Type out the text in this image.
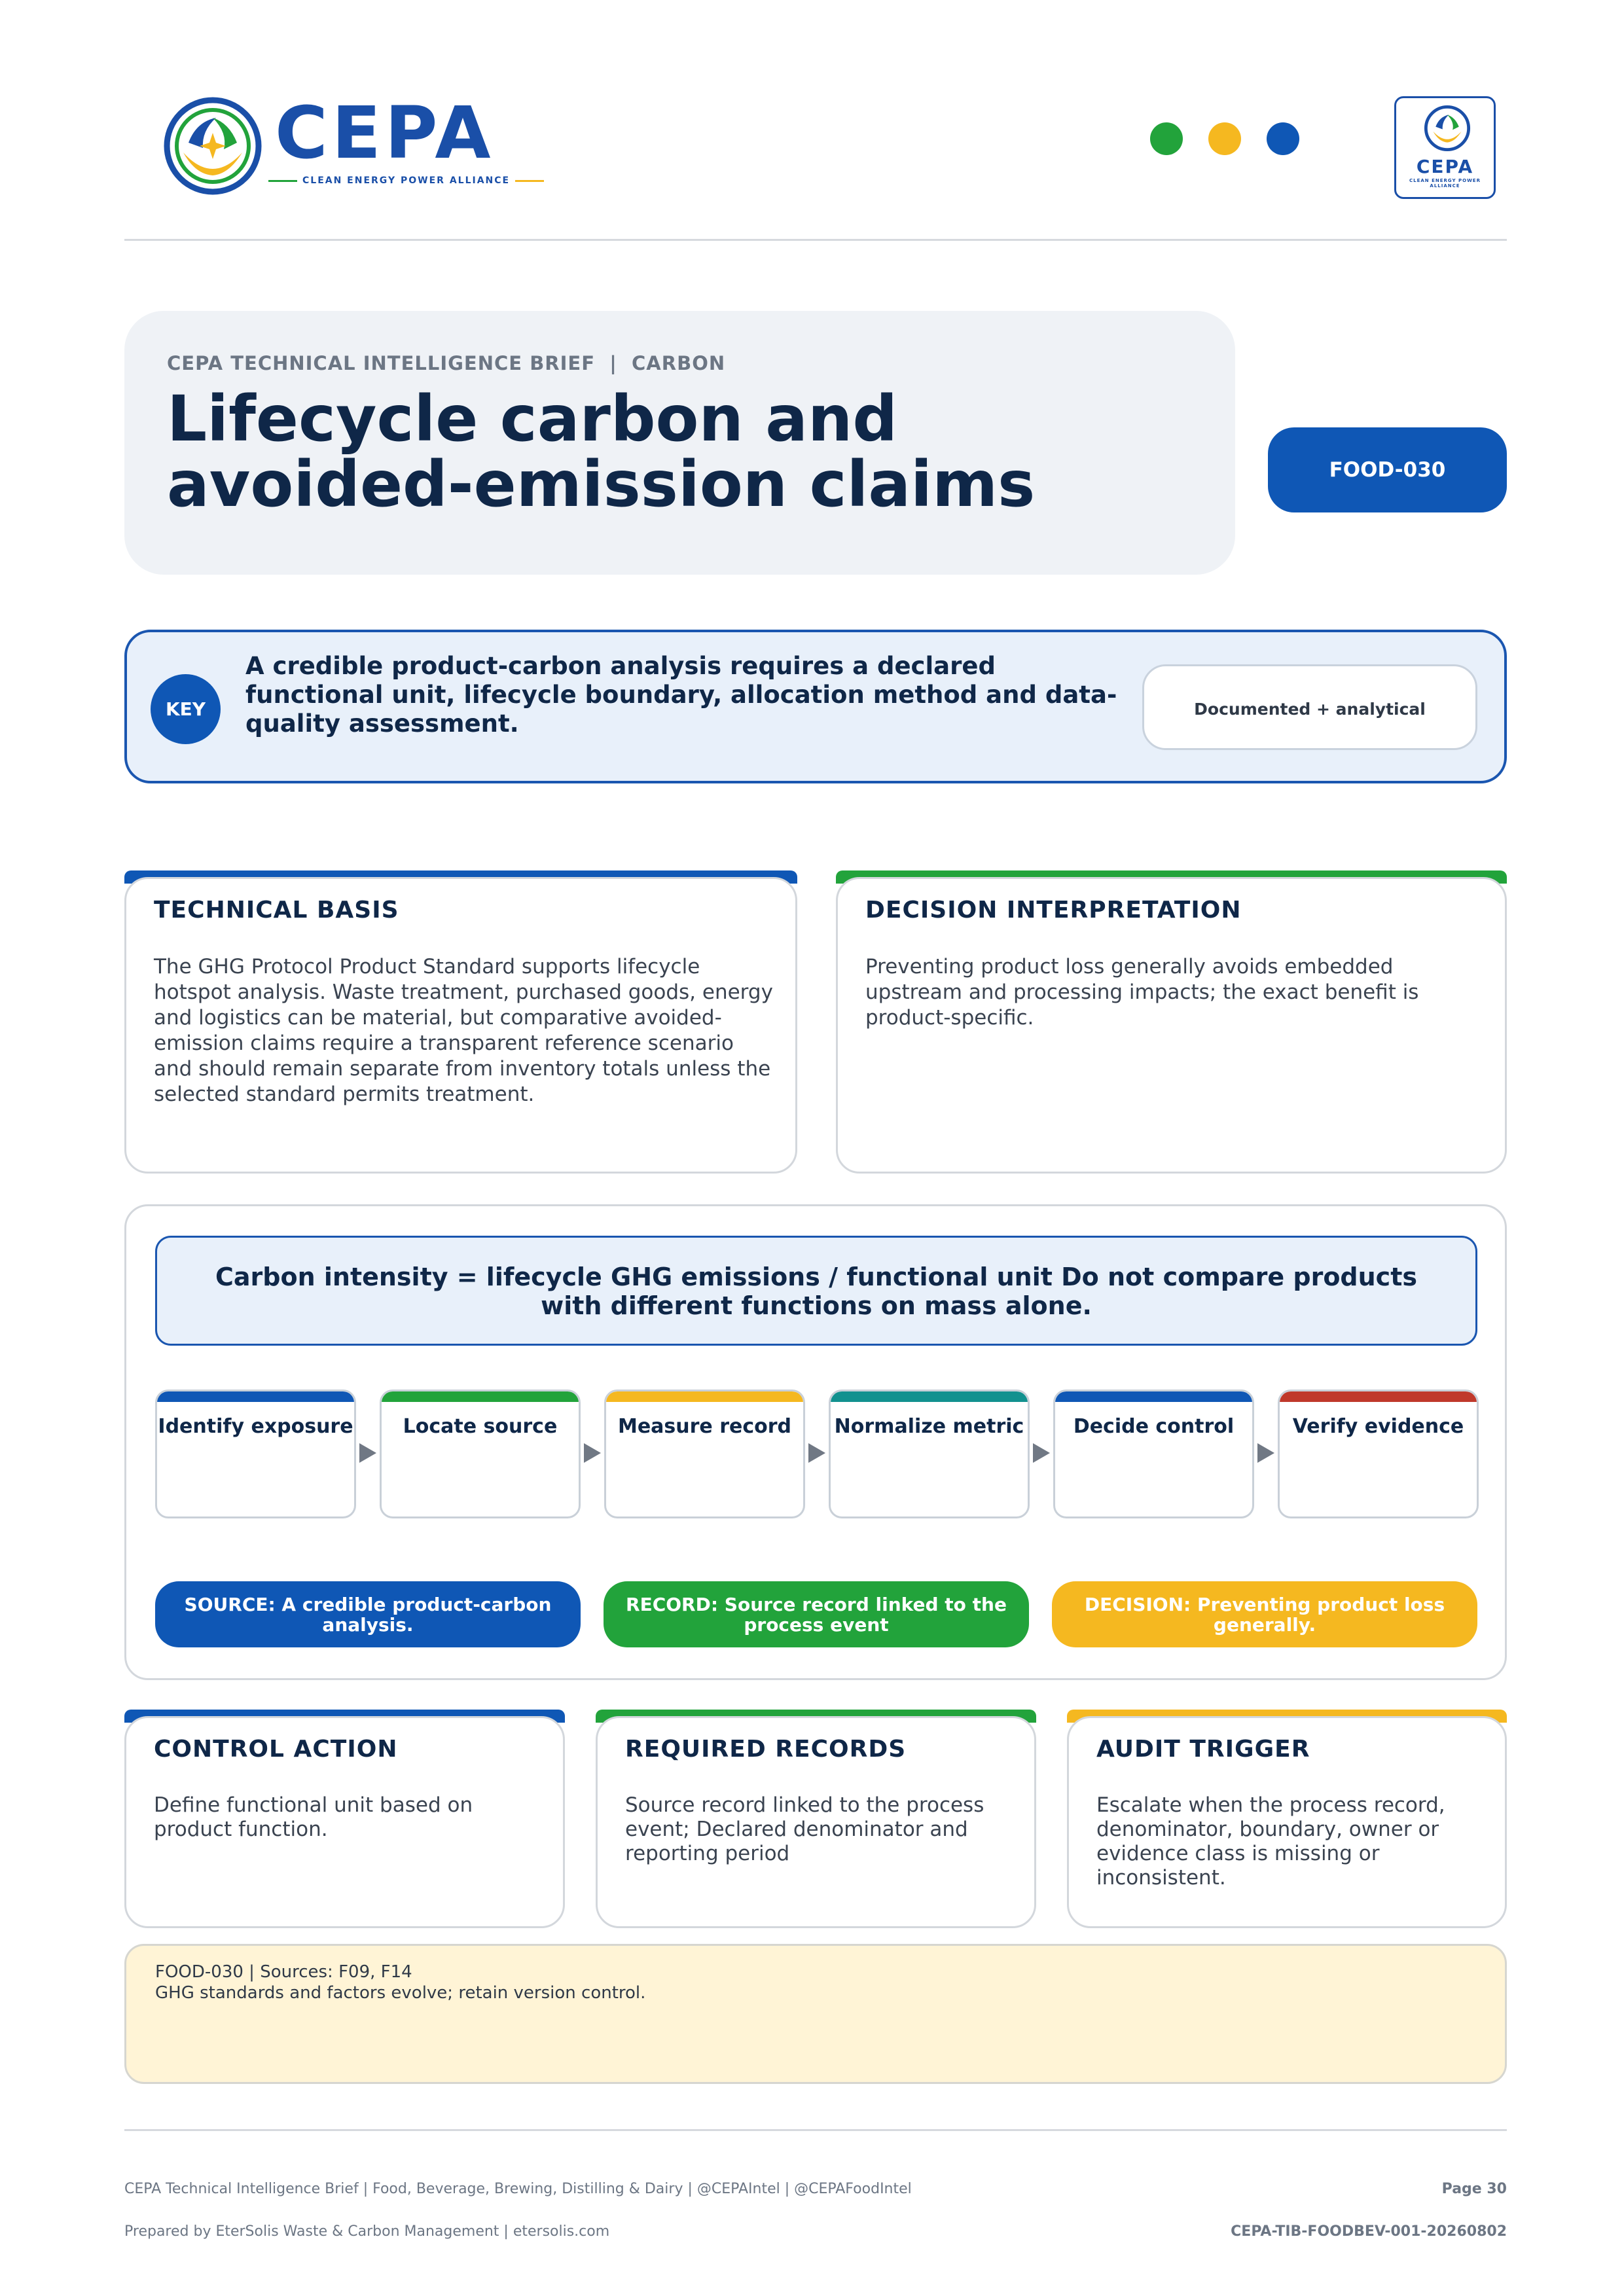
CEPA
CLEAN ENERGY POWER ALLIANCE
CEPA
CLEAN ENERGY POWER ALLIANCE
CEPA TECHNICAL INTELLIGENCE BRIEF  |  CARBON
Lifecycle carbon and
avoided-emission claims	FOOD-030
KEY
A credible product-carbon analysis requires a declared functional unit, lifecycle boundary, allocation method and data-quality assessment.
Documented + analytical
TECHNICAL BASIS
The GHG Protocol Product Standard supports lifecycle hotspot analysis. Waste treatment, purchased goods, energy and logistics can be material, but comparative avoided-emission claims require a transparent reference scenario and should remain separate from inventory totals unless the selected standard permits treatment.
DECISION INTERPRETATION
Preventing product loss generally avoids embedded upstream and processing impacts; the exact benefit is product-specific.
Carbon intensity = lifecycle GHG emissions / functional unit Do not compare products with different functions on mass alone.
Identify exposure	Locate source	Measure record	Normalize metric	Decide control	Verify evidence
SOURCE: A credible product-carbon analysis.
RECORD: Source record linked to the process event
DECISION: Preventing product loss generally.
CONTROL ACTION
Define functional unit based on product function.
REQUIRED RECORDS
Source record linked to the process event; Declared denominator and reporting period
AUDIT TRIGGER
Escalate when the process record, denominator, boundary, owner or evidence class is missing or inconsistent.
FOOD-030 | Sources: F09, F14
GHG standards and factors evolve; retain version control.
CEPA Technical Intelligence Brief | Food, Beverage, Brewing, Distilling & Dairy | @CEPAIntel | @CEPAFoodIntel	Page 30
Prepared by EterSolis Waste & Carbon Management | etersolis.com	CEPA-TIB-FOODBEV-001-20260802
